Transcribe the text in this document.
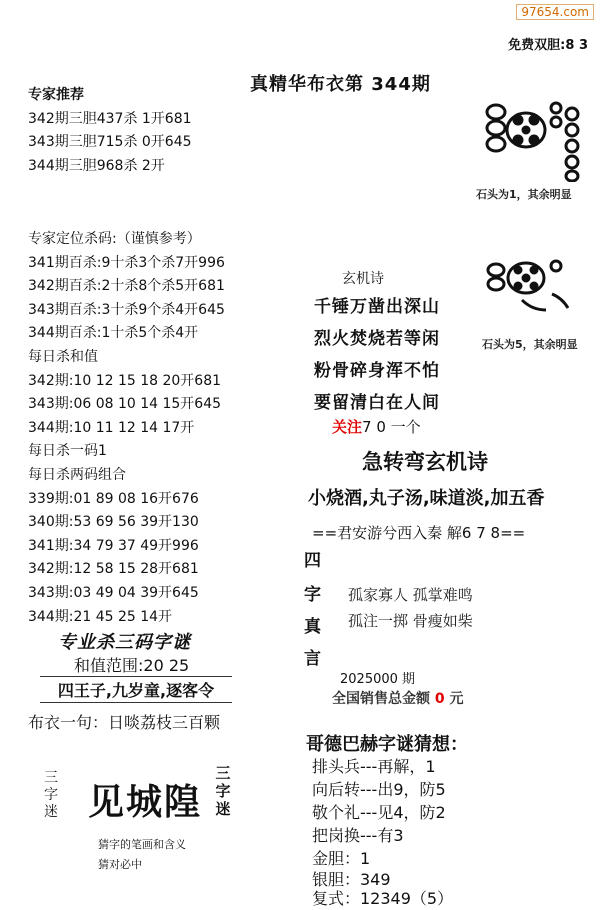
97654.com
免费双胆:8 3
真精华布衣第 344期
专家推荐
342期三胆437杀 1开681
343期三胆715杀 0开645
344期三胆968杀 2开
专家定位杀码:（谨慎参考）
341期百杀:9十杀3个杀7开996
342期百杀:2十杀8个杀5开681
343期百杀:3十杀9个杀4开645
344期百杀:1十杀5个杀4开
每日杀和值
342期:10 12 15 18 20开681
343期:06 08 10 14 15开645
344期:10 11 12 14 17开
每日杀一码1
每日杀两码组合
339期:01 89 08 16开676
340期:53 69 56 39开130
341期:34 79 37 49开996
342期:12 58 15 28开681
343期:03 49 04 39开645
344期:21 45 25 14开
专业杀三码字谜
和值范围:20 25
四王子,九岁童,逐客令
布衣一句：日啖荔枝三百颗
三字迷 见城隍
三字迷
猜字的笔画和含义
猜对必中
石头为1，其余明显
石头为5，其余明显
玄机诗
千锤万凿出深山
烈火焚烧若等闲
粉骨碎身浑不怕
要留清白在人间
关注7 0 一个
急转弯玄机诗
小烧酒,丸子汤,味道淡,加五香
==君安游兮西入秦 解6 7 8==
四
字
真
言
孤家寡人 孤掌难鸣
孤注一掷 骨瘦如柴
2025000 期
全国销售总金额 0 元
哥德巴赫字谜猜想：
排头兵---再解，1
向后转---出9，防5
敬个礼---见4，防2
把岗换---有3
金胆：1
银胆：349
复式：12349（5）
